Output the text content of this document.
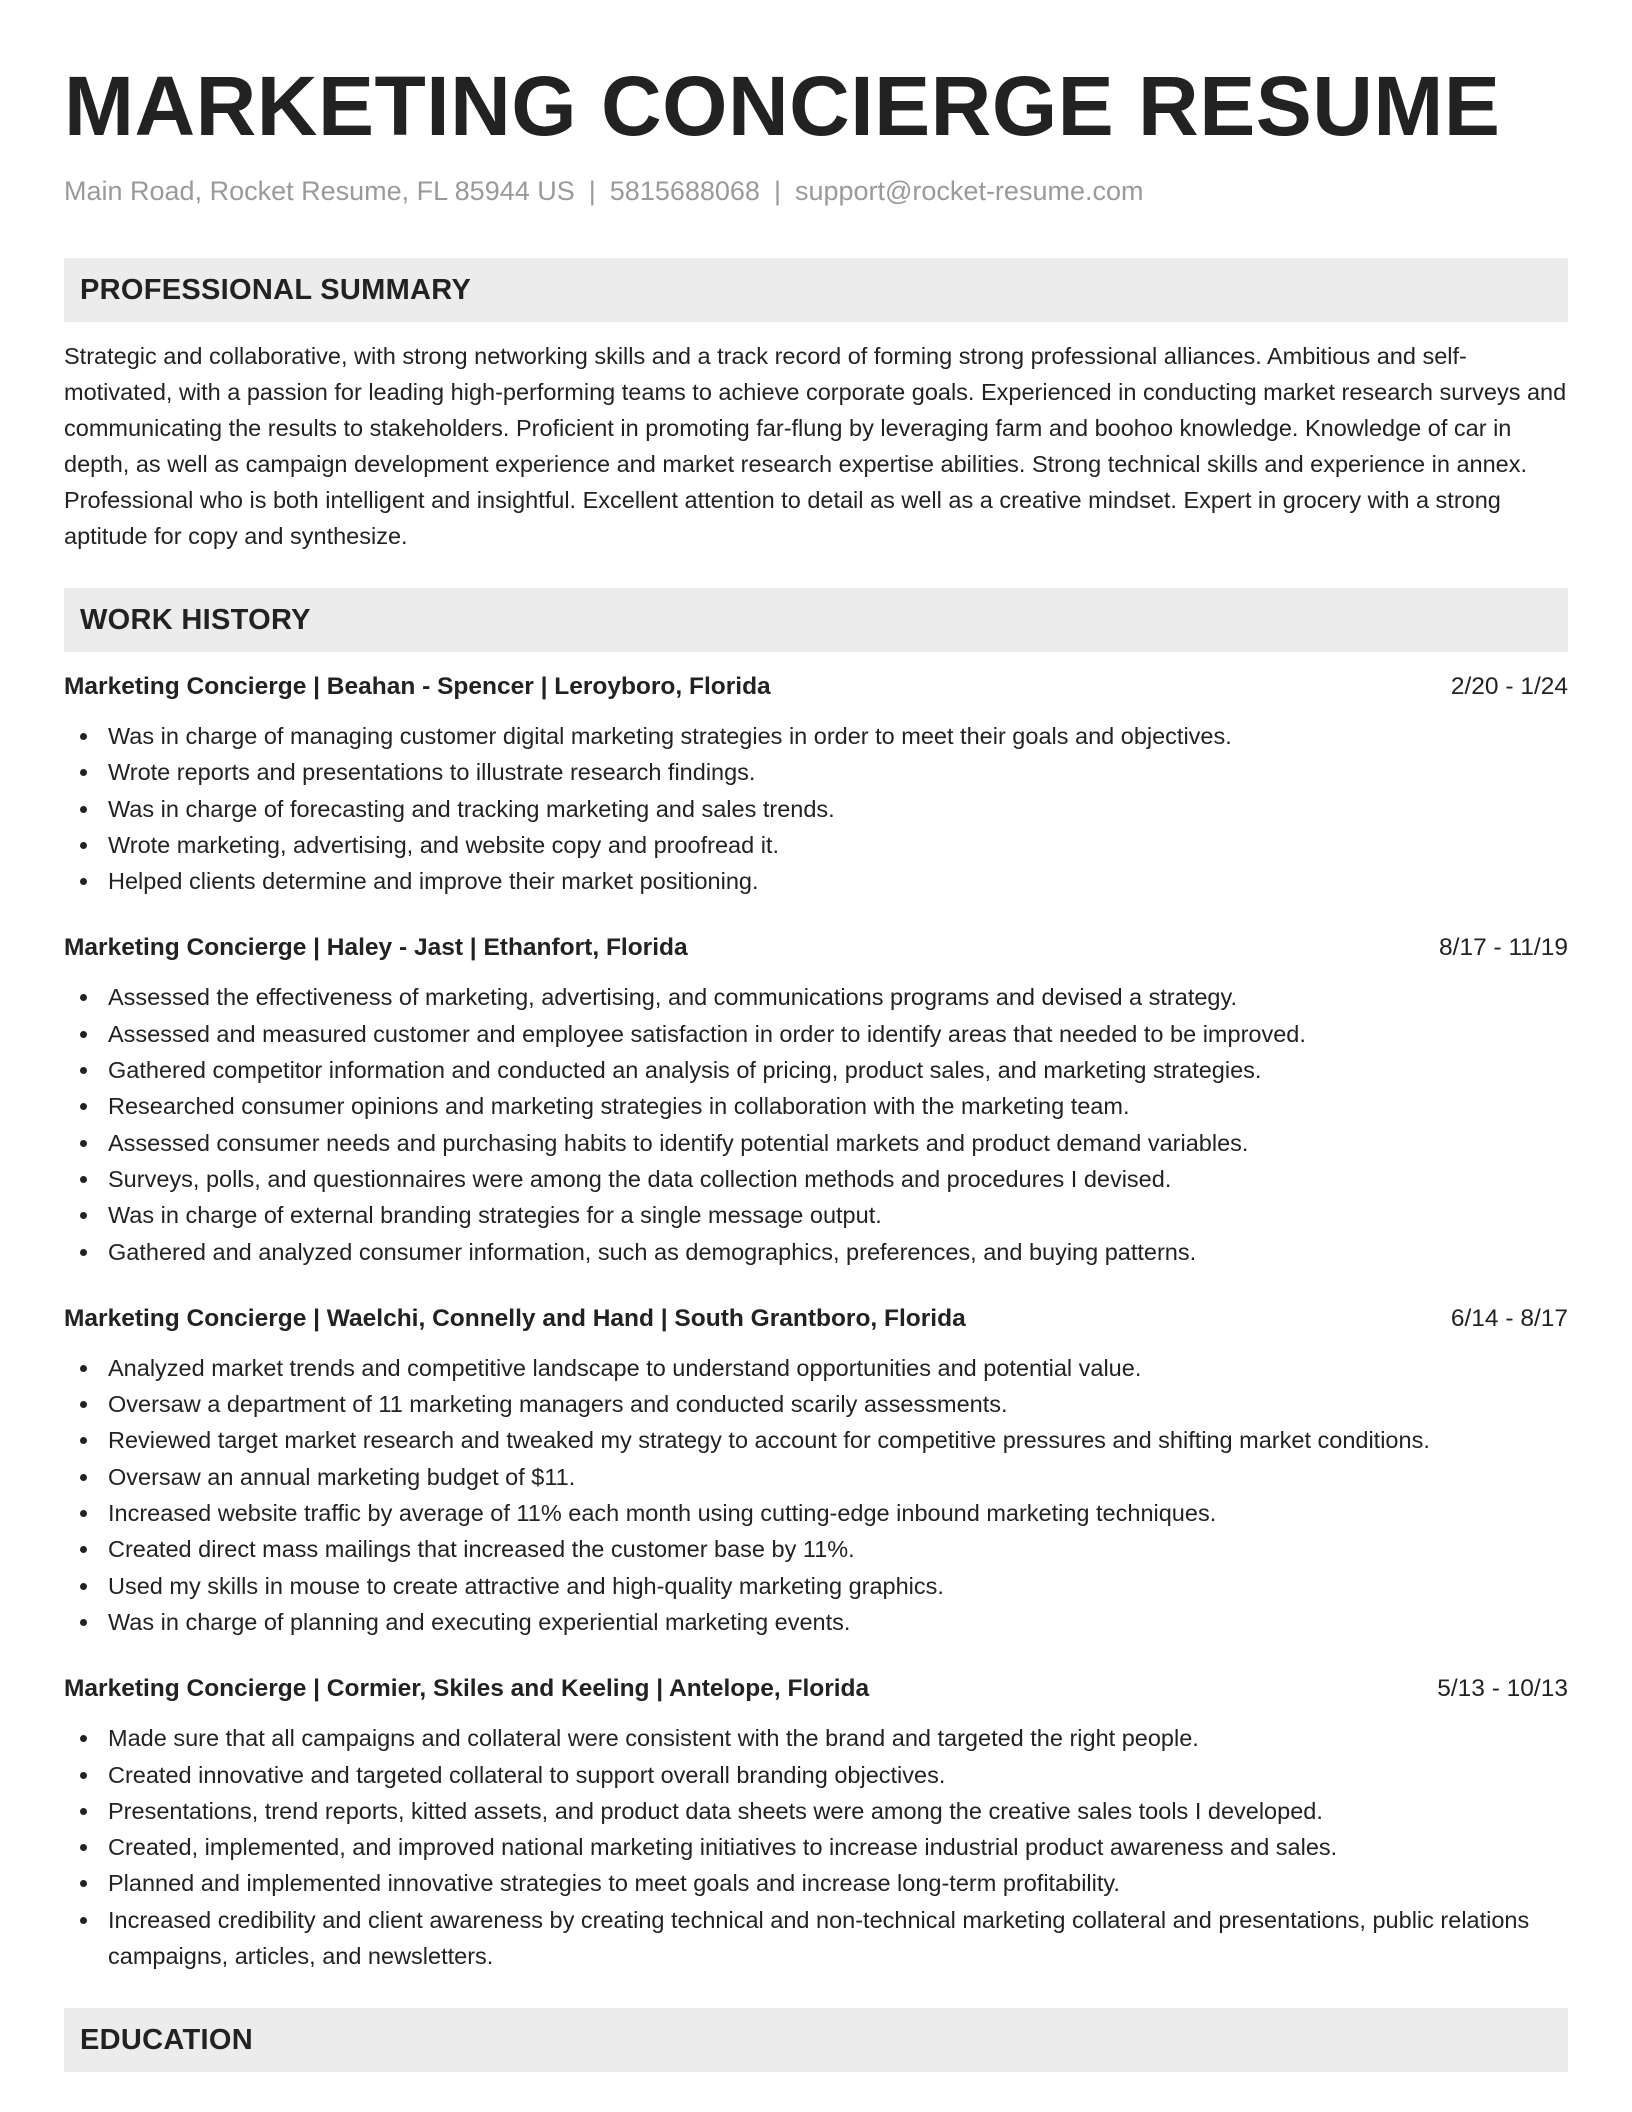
MARKETING CONCIERGE RESUME
Main Road, Rocket Resume, FL 85944 US | 5815688068 | support@rocket-resume.com
PROFESSIONAL SUMMARY

Strategic and collaborative, with strong networking skills and a track record of forming strong professional alliances. Ambitious and self-motivated, with a passion for leading high-performing teams to achieve corporate goals. Experienced in conducting market research surveys and communicating the results to stakeholders. Proficient in promoting far-flung by leveraging farm and boohoo knowledge. Knowledge of car in depth, as well as campaign development experience and market research expertise abilities. Strong technical skills and experience in annex. Professional who is both intelligent and insightful. Excellent attention to detail as well as a creative mindset. Expert in grocery with a strong aptitude for copy and synthesize.

WORK HISTORY
Marketing Concierge | Beahan - Spencer | Leroyboro, Florida	2/20 - 1/24
Was in charge of managing customer digital marketing strategies in order to meet their goals and objectives.
Wrote reports and presentations to illustrate research findings.
Was in charge of forecasting and tracking marketing and sales trends.
Wrote marketing, advertising, and website copy and proofread it.
Helped clients determine and improve their market positioning.
Marketing Concierge | Haley - Jast | Ethanfort, Florida	8/17 - 11/19
Assessed the effectiveness of marketing, advertising, and communications programs and devised a strategy.
Assessed and measured customer and employee satisfaction in order to identify areas that needed to be improved.
Gathered competitor information and conducted an analysis of pricing, product sales, and marketing strategies.
Researched consumer opinions and marketing strategies in collaboration with the marketing team.
Assessed consumer needs and purchasing habits to identify potential markets and product demand variables.
Surveys, polls, and questionnaires were among the data collection methods and procedures I devised.
Was in charge of external branding strategies for a single message output.
Gathered and analyzed consumer information, such as demographics, preferences, and buying patterns.
Marketing Concierge | Waelchi, Connelly and Hand | South Grantboro, Florida	6/14 - 8/17
Analyzed market trends and competitive landscape to understand opportunities and potential value.
Oversaw a department of 11 marketing managers and conducted scarily assessments.
Reviewed target market research and tweaked my strategy to account for competitive pressures and shifting market conditions.
Oversaw an annual marketing budget of $11.
Increased website traffic by average of 11% each month using cutting-edge inbound marketing techniques.
Created direct mass mailings that increased the customer base by 11%.
Used my skills in mouse to create attractive and high-quality marketing graphics.
Was in charge of planning and executing experiential marketing events.
Marketing Concierge | Cormier, Skiles and Keeling | Antelope, Florida	5/13 - 10/13
Made sure that all campaigns and collateral were consistent with the brand and targeted the right people.
Created innovative and targeted collateral to support overall branding objectives.
Presentations, trend reports, kitted assets, and product data sheets were among the creative sales tools I developed.
Created, implemented, and improved national marketing initiatives to increase industrial product awareness and sales.
Planned and implemented innovative strategies to meet goals and increase long-term profitability.
Increased credibility and client awareness by creating technical and non-technical marketing collateral and presentations, public relations campaigns, articles, and newsletters.
EDUCATION
